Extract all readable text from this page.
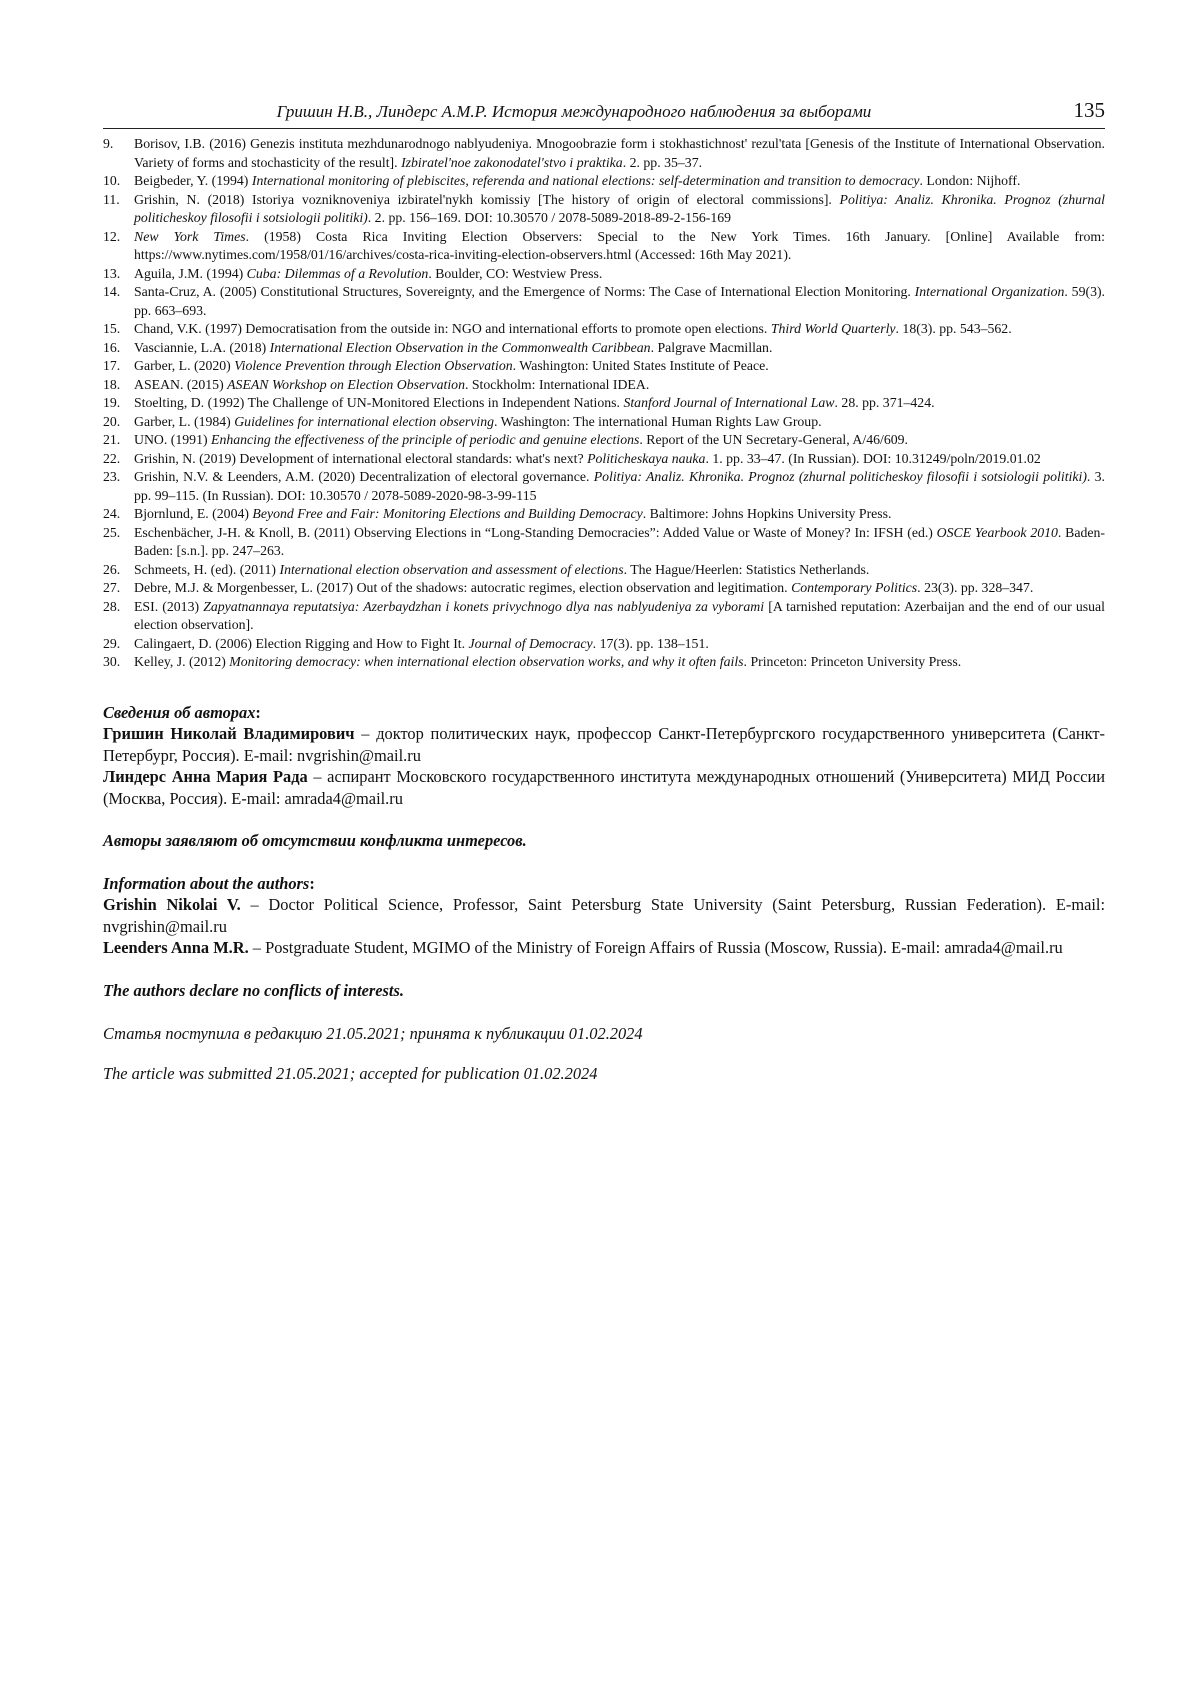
Гришин Н.В., Линдерс А.М.Р. История международного наблюдения за выборами	135
9. Borisov, I.B. (2016) Genezis instituta mezhdunarodnogo nablyudeniya. Mnogoobrazie form i stokhastichnost' rezul'tata [Genesis of the Institute of International Observation. Variety of forms and stochasticity of the result]. Izbiratel'noe zakonodatel'stvo i praktika. 2. pp. 35–37.
10. Beigbeder, Y. (1994) International monitoring of plebiscites, referenda and national elections: self-determination and transition to democracy. London: Nijhoff.
11. Grishin, N. (2018) Istoriya vozniknoveniya izbiratel'nykh komissiy [The history of origin of electoral commissions]. Politiya: Analiz. Khronika. Prognoz (zhurnal politicheskoy filosofii i sotsiologii politiki). 2. pp. 156–169. DOI: 10.30570 / 2078-5089-2018-89-2-156-169
12. New York Times. (1958) Costa Rica Inviting Election Observers: Special to the New York Times. 16th January. [Online] Available from: https://www.nytimes.com/1958/01/16/archives/costa-rica-inviting-election-observers.html (Accessed: 16th May 2021).
13. Aguila, J.M. (1994) Cuba: Dilemmas of a Revolution. Boulder, CO: Westview Press.
14. Santa-Cruz, A. (2005) Constitutional Structures, Sovereignty, and the Emergence of Norms: The Case of International Election Monitoring. International Organization. 59(3). pp. 663–693.
15. Chand, V.K. (1997) Democratisation from the outside in: NGO and international efforts to promote open elections. Third World Quarterly. 18(3). pp. 543–562.
16. Vasciannie, L.A. (2018) International Election Observation in the Commonwealth Caribbean. Palgrave Macmillan.
17. Garber, L. (2020) Violence Prevention through Election Observation. Washington: United States Institute of Peace.
18. ASEAN. (2015) ASEAN Workshop on Election Observation. Stockholm: International IDEA.
19. Stoelting, D. (1992) The Challenge of UN-Monitored Elections in Independent Nations. Stanford Journal of International Law. 28. pp. 371–424.
20. Garber, L. (1984) Guidelines for international election observing. Washington: The international Human Rights Law Group.
21. UNO. (1991) Enhancing the effectiveness of the principle of periodic and genuine elections. Report of the UN Secretary-General, A/46/609.
22. Grishin, N. (2019) Development of international electoral standards: what's next? Politicheskaya nauka. 1. pp. 33–47. (In Russian). DOI: 10.31249/poln/2019.01.02
23. Grishin, N.V. & Leenders, A.M. (2020) Decentralization of electoral governance. Politiya: Analiz. Khronika. Prognoz (zhurnal politicheskoy filosofii i sotsiologii politiki). 3. pp. 99–115. (In Russian). DOI: 10.30570 / 2078-5089-2020-98-3-99-115
24. Bjornlund, E. (2004) Beyond Free and Fair: Monitoring Elections and Building Democracy. Baltimore: Johns Hopkins University Press.
25. Eschenbächer, J-H. & Knoll, B. (2011) Observing Elections in “Long-Standing Democracies”: Added Value or Waste of Money? In: IFSH (ed.) OSCE Yearbook 2010. Baden-Baden: [s.n.]. pp. 247–263.
26. Schmeets, H. (ed). (2011) International election observation and assessment of elections. The Hague/Heerlen: Statistics Netherlands.
27. Debre, M.J. & Morgenbesser, L. (2017) Out of the shadows: autocratic regimes, election observation and legitimation. Contemporary Politics. 23(3). pp. 328–347.
28. ESI. (2013) Zapyatnannaya reputatsiya: Azerbaydzhan i konets privychnogo dlya nas nablyudeniya za vyborami [A tarnished reputation: Azerbaijan and the end of our usual election observation].
29. Calingaert, D. (2006) Election Rigging and How to Fight It. Journal of Democracy. 17(3). pp. 138–151.
30. Kelley, J. (2012) Monitoring democracy: when international election observation works, and why it often fails. Princeton: Princeton University Press.

Сведения об авторах:

Гришин Николай Владимирович – доктор политических наук, профессор Санкт-Петербургского государственного университета (Санкт-Петербург, Россия). E-mail: nvgrishin@mail.ru

Линдерс Анна Мария Рада – аспирант Московского государственного института международных отношений (Университета) МИД России (Москва, Россия). E-mail: amrada4@mail.ru

Авторы заявляют об отсутствии конфликта интересов.

Information about the authors:

Grishin Nikolai V. – Doctor Political Science, Professor, Saint Petersburg State University (Saint Petersburg, Russian Federation). E-mail: nvgrishin@mail.ru

Leenders Anna M.R. – Postgraduate Student, MGIMO of the Ministry of Foreign Affairs of Russia (Moscow, Russia). E-mail: amrada4@mail.ru

The authors declare no conflicts of interests.

Статья поступила в редакцию 21.05.2021; принята к публикации 01.02.2024

The article was submitted 21.05.2021; accepted for publication 01.02.2024
